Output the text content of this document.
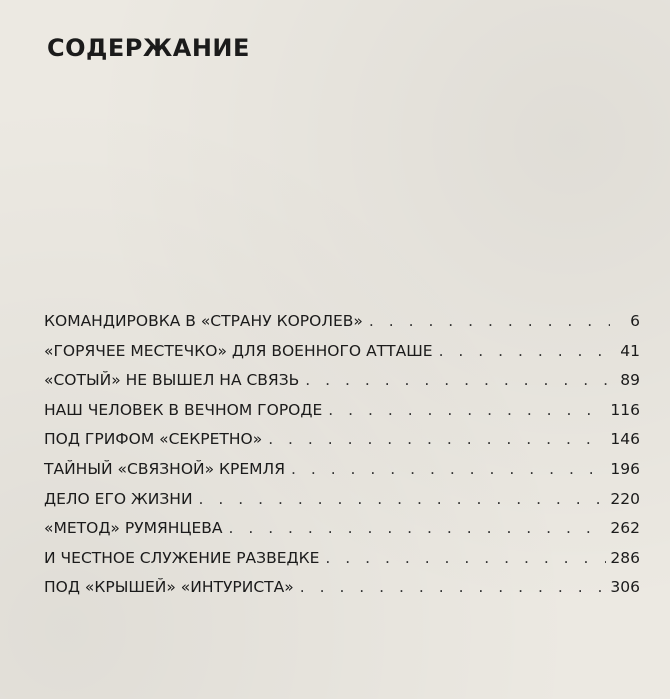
СОДЕРЖАНИЕ
КОМАНДИРОВКА В «СТРАНУ КОРОЛЕВ» . . .	6
«ГОРЯЧЕЕ МЕСТЕЧКО» ДЛЯ ВОЕННОГО АТТАШЕ . . .	41
«СОТЫЙ» НЕ ВЫШЕЛ НА СВЯЗЬ . . .	89
НАШ ЧЕЛОВЕК В ВЕЧНОМ ГОРОДЕ . . .	116
ПОД ГРИФОМ «СЕКРЕТНО» . . .	146
ТАЙНЫЙ «СВЯЗНОЙ» КРЕМЛЯ . . .	196
ДЕЛО ЕГО ЖИЗНИ . . .	220
«МЕТОД» РУМЯНЦЕВА . . .	262
И ЧЕСТНОЕ СЛУЖЕНИЕ РАЗВЕДКЕ . . .	286
ПОД «КРЫШЕЙ» «ИНТУРИСТА» . . .	306
